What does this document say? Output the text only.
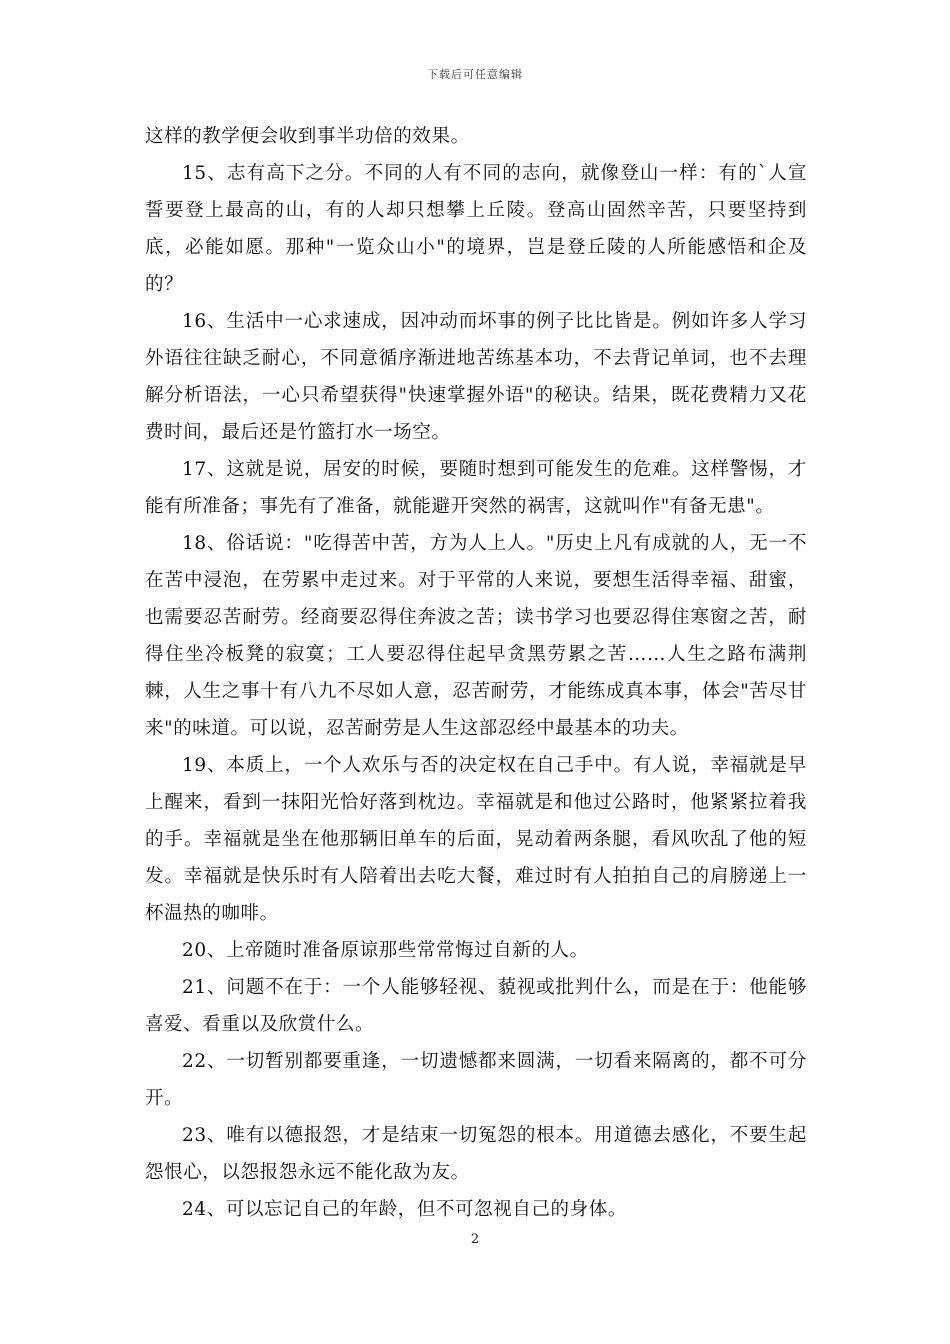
下载后可任意编辑

这样的教学便会收到事半功倍的效果。

15、志有高下之分。不同的人有不同的志向，就像登山一样：有的`人宣誓要登上最高的山，有的人却只想攀上丘陵。登高山固然辛苦，只要坚持到底，必能如愿。那种"一览众山小"的境界，岂是登丘陵的人所能感悟和企及的？

16、生活中一心求速成，因冲动而坏事的例子比比皆是。例如许多人学习外语往往缺乏耐心，不同意循序渐进地苦练基本功，不去背记单词，也不去理解分析语法，一心只希望获得"快速掌握外语"的秘诀。结果，既花费精力又花费时间，最后还是竹篮打水一场空。

17、这就是说，居安的时候，要随时想到可能发生的危难。这样警惕，才能有所准备；事先有了准备，就能避开突然的祸害，这就叫作"有备无患"。

18、俗话说："吃得苦中苦，方为人上人。"历史上凡有成就的人，无一不在苦中浸泡，在劳累中走过来。对于平常的人来说，要想生活得幸福、甜蜜，也需要忍苦耐劳。经商要忍得住奔波之苦；读书学习也要忍得住寒窗之苦，耐得住坐冷板凳的寂寞；工人要忍得住起早贪黑劳累之苦……人生之路布满荆棘，人生之事十有八九不尽如人意，忍苦耐劳，才能练成真本事，体会"苦尽甘来"的味道。可以说，忍苦耐劳是人生这部忍经中最基本的功夫。

19、本质上，一个人欢乐与否的决定权在自己手中。有人说，幸福就是早上醒来，看到一抹阳光恰好落到枕边。幸福就是和他过公路时，他紧紧拉着我的手。幸福就是坐在他那辆旧单车的后面，晃动着两条腿，看风吹乱了他的短发。幸福就是快乐时有人陪着出去吃大餐，难过时有人拍拍自己的肩膀递上一杯温热的咖啡。

20、上帝随时准备原谅那些常常悔过自新的人。

21、问题不在于：一个人能够轻视、藐视或批判什么，而是在于：他能够喜爱、看重以及欣赏什么。

22、一切暂别都要重逢，一切遗憾都来圆满，一切看来隔离的，都不可分开。

23、唯有以德报怨，才是结束一切冤怨的根本。用道德去感化，不要生起怨恨心，以怨报怨永远不能化敌为友。

24、可以忘记自己的年龄，但不可忽视自己的身体。

2
